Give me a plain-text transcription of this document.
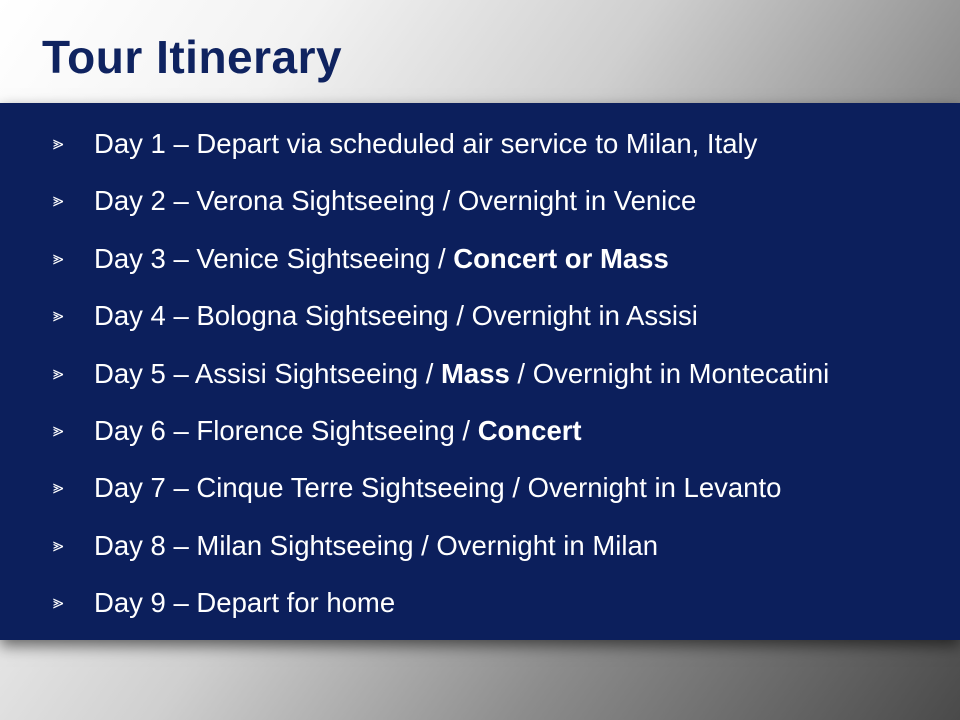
Tour Itinerary
⪢ Day 1 – Depart via scheduled air service to Milan, Italy
⪢ Day 2 – Verona Sightseeing / Overnight in Venice
⪢ Day 3 – Venice Sightseeing / Concert or Mass
⪢ Day 4 – Bologna Sightseeing / Overnight in Assisi
⪢ Day 5 – Assisi Sightseeing / Mass / Overnight in Montecatini
⪢ Day 6 – Florence Sightseeing / Concert
⪢ Day 7 – Cinque Terre Sightseeing / Overnight in Levanto
⪢ Day 8 – Milan Sightseeing / Overnight in Milan
⪢ Day 9 – Depart for home
